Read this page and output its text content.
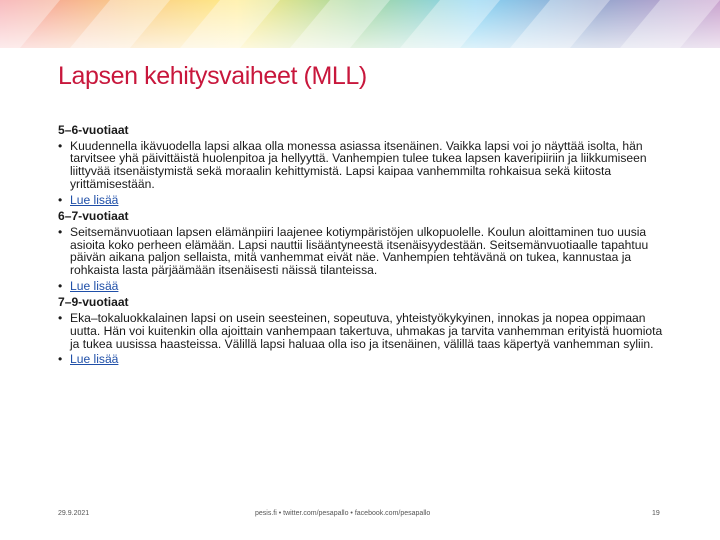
Lapsen kehitysvaiheet (MLL)
5–6-vuotiaat
• Kuudennella ikävuodella lapsi alkaa olla monessa asiassa itsenäinen. Vaikka lapsi voi jo näyttää isolta, hän tarvitsee yhä päivittäistä huolenpitoa ja hellyyttä. Vanhempien tulee tukea lapsen kaveripiiriin ja liikkumiseen liittyvää itsenäistymistä sekä moraalin kehittymistä. Lapsi kaipaa vanhemmilta rohkaisua sekä kiitosta yrittämisestään.
• Lue lisää
6–7-vuotiaat
• Seitsemänvuotiaan lapsen elämänpiiri laajenee kotiympäristöjen ulkopuolelle. Koulun aloittaminen tuo uusia asioita koko perheen elämään. Lapsi nauttii lisääntyneestä itsenäisyydestään. Seitsemänvuotiaalle tapahtuu päivän aikana paljon sellaista, mitä vanhemmat eivät näe. Vanhempien tehtävänä on tukea, kannustaa ja rohkaista lasta pärjäämään itsenäisesti näissä tilanteissa.
• Lue lisää
7–9-vuotiaat
• Eka–tokaluokkalainen lapsi on usein seesteinen, sopeutuva, yhteistyökykyinen, innokas ja nopea oppimaan uutta. Hän voi kuitenkin olla ajoittain vanhempaan takertuva, uhmakas ja tarvita vanhemman erityistä huomiota ja tukea uusissa haasteissa. Välillä lapsi haluaa olla iso ja itsenäinen, välillä taas käpertyä vanhemman syliin.
• Lue lisää
29.9.2021	pesis.fi • twitter.com/pesapallo • facebook.com/pesapallo	19
